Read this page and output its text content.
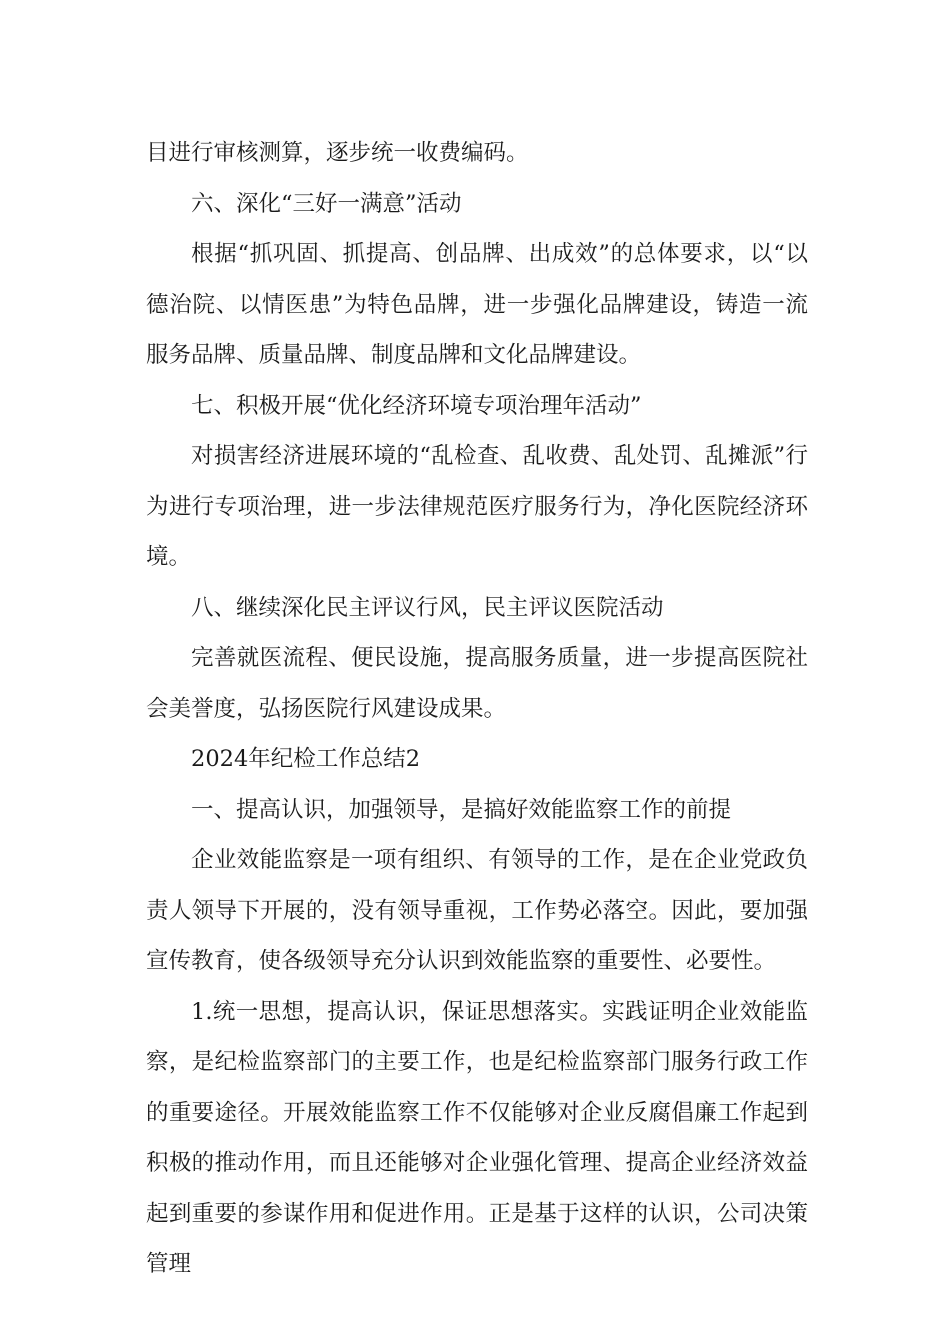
目进行审核测算，逐步统一收费编码。

六、深化“三好一满意”活动

根据“抓巩固、抓提高、创品牌、出成效”的总体要求，以“以德治院、以情医患”为特色品牌，进一步强化品牌建设，铸造一流服务品牌、质量品牌、制度品牌和文化品牌建设。

七、积极开展“优化经济环境专项治理年活动”

对损害经济进展环境的“乱检查、乱收费、乱处罚、乱摊派”行为进行专项治理，进一步法律规范医疗服务行为，净化医院经济环境。

八、继续深化民主评议行风，民主评议医院活动

完善就医流程、便民设施，提高服务质量，进一步提高医院社会美誉度，弘扬医院行风建设成果。

2024年纪检工作总结2

一、提高认识，加强领导，是搞好效能监察工作的前提

企业效能监察是一项有组织、有领导的工作，是在企业党政负责人领导下开展的，没有领导重视，工作势必落空。因此，要加强宣传教育，使各级领导充分认识到效能监察的重要性、必要性。

1.统一思想，提高认识，保证思想落实。实践证明企业效能监察，是纪检监察部门的主要工作，也是纪检监察部门服务行政工作的重要途径。开展效能监察工作不仅能够对企业反腐倡廉工作起到积极的推动作用，而且还能够对企业强化管理、提高企业经济效益起到重要的参谋作用和促进作用。正是基于这样的认识，公司决策管理
